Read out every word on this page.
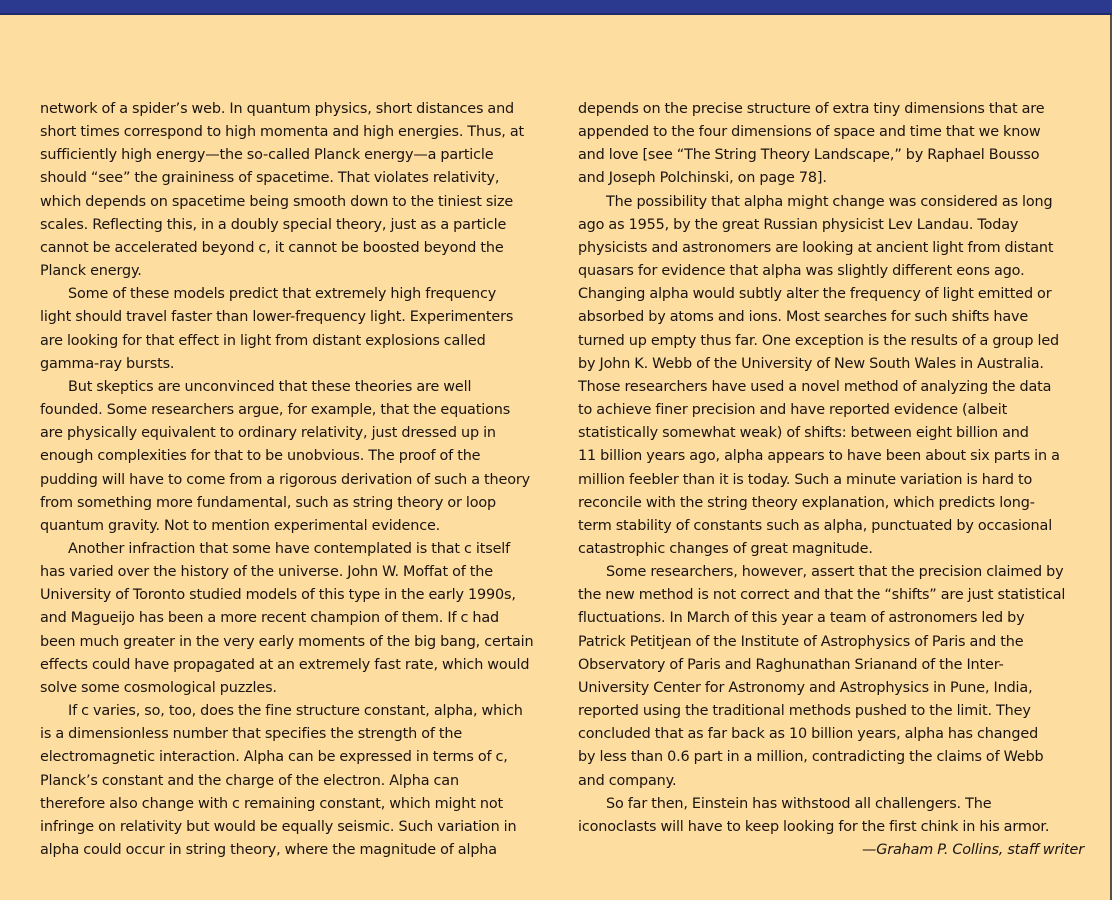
network of a spider’s web. In quantum physics, short distances and
short times correspond to high momenta and high energies. Thus, at
sufficiently high energy—the so-called Planck energy—a particle
should “see” the graininess of spacetime. That violates relativity,
which depends on spacetime being smooth down to the tiniest size
scales. Reflecting this, in a doubly special theory, just as a particle
cannot be accelerated beyond c, it cannot be boosted beyond the
Planck energy.

Some of these models predict that extremely high frequency
light should travel faster than lower-frequency light. Experimenters
are looking for that effect in light from distant explosions called
gamma-ray bursts.

But skeptics are unconvinced that these theories are well
founded. Some researchers argue, for example, that the equations
are physically equivalent to ordinary relativity, just dressed up in
enough complexities for that to be unobvious. The proof of the
pudding will have to come from a rigorous derivation of such a theory
from something more fundamental, such as string theory or loop
quantum gravity. Not to mention experimental evidence.

Another infraction that some have contemplated is that c itself
has varied over the history of the universe. John W. Moffat of the
University of Toronto studied models of this type in the early 1990s,
and Magueijo has been a more recent champion of them. If c had
been much greater in the very early moments of the big bang, certain
effects could have propagated at an extremely fast rate, which would
solve some cosmological puzzles.

If c varies, so, too, does the fine structure constant, alpha, which
is a dimensionless number that specifies the strength of the
electromagnetic interaction. Alpha can be expressed in terms of c,
Planck’s constant and the charge of the electron. Alpha can
therefore also change with c remaining constant, which might not
infringe on relativity but would be equally seismic. Such variation in
alpha could occur in string theory, where the magnitude of alpha

depends on the precise structure of extra tiny dimensions that are
appended to the four dimensions of space and time that we know
and love [see “The String Theory Landscape,” by Raphael Bousso
and Joseph Polchinski, on page 78].

The possibility that alpha might change was considered as long
ago as 1955, by the great Russian physicist Lev Landau. Today
physicists and astronomers are looking at ancient light from distant
quasars for evidence that alpha was slightly different eons ago.
Changing alpha would subtly alter the frequency of light emitted or
absorbed by atoms and ions. Most searches for such shifts have
turned up empty thus far. One exception is the results of a group led
by John K. Webb of the University of New South Wales in Australia.
Those researchers have used a novel method of analyzing the data
to achieve finer precision and have reported evidence (albeit
statistically somewhat weak) of shifts: between eight billion and
11 billion years ago, alpha appears to have been about six parts in a
million feebler than it is today. Such a minute variation is hard to
reconcile with the string theory explanation, which predicts long-
term stability of constants such as alpha, punctuated by occasional
catastrophic changes of great magnitude.

Some researchers, however, assert that the precision claimed by
the new method is not correct and that the “shifts” are just statistical
fluctuations. In March of this year a team of astronomers led by
Patrick Petitjean of the Institute of Astrophysics of Paris and the
Observatory of Paris and Raghunathan Srianand of the Inter-
University Center for Astronomy and Astrophysics in Pune, India,
reported using the traditional methods pushed to the limit. They
concluded that as far back as 10 billion years, alpha has changed
by less than 0.6 part in a million, contradicting the claims of Webb
and company.

So far then, Einstein has withstood all challengers. The
iconoclasts will have to keep looking for the first chink in his armor.

—Graham P. Collins, staff writer
